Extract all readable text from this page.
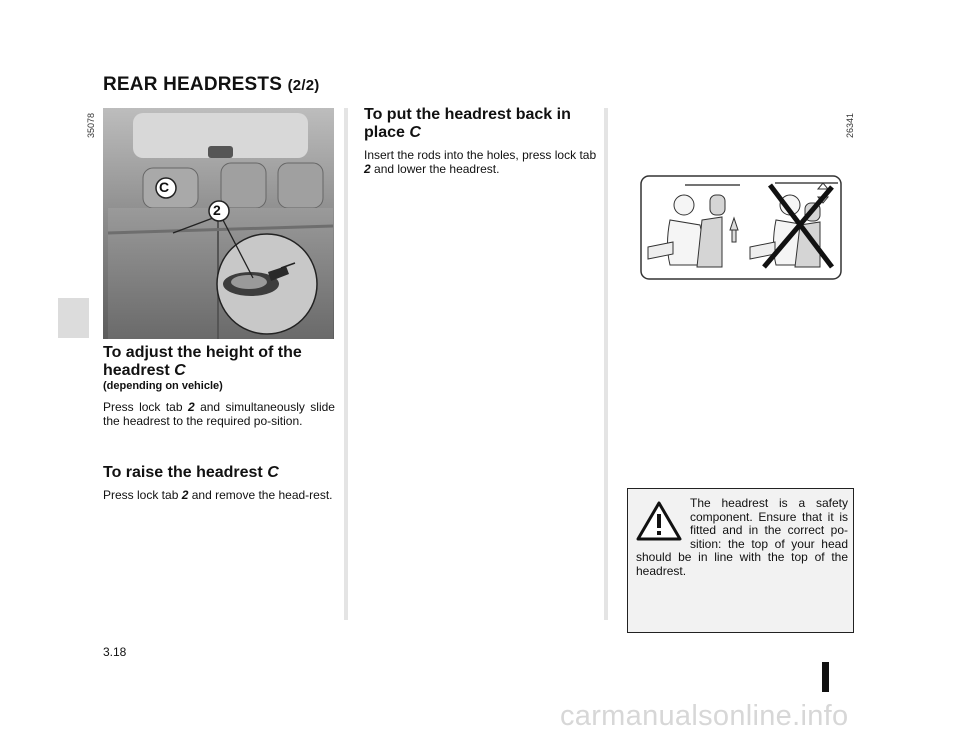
REAR HEADRESTS (2/2)
35078	26341
C
2
To adjust the height of the
headrest C
(depending on vehicle)
Press lock tab 2 and simultaneously slide the headrest to the required po-sition.
To raise the headrest C
Press lock tab 2 and remove the head-rest.
To put the headrest back in
place C
Insert the rods into the holes, press lock tab 2 and lower the headrest.
The headrest is a safety component. Ensure that it is fitted and in the correct po-sition: the top of your head should be in line with the top of the headrest.
3.18
carmanualsonline.info
